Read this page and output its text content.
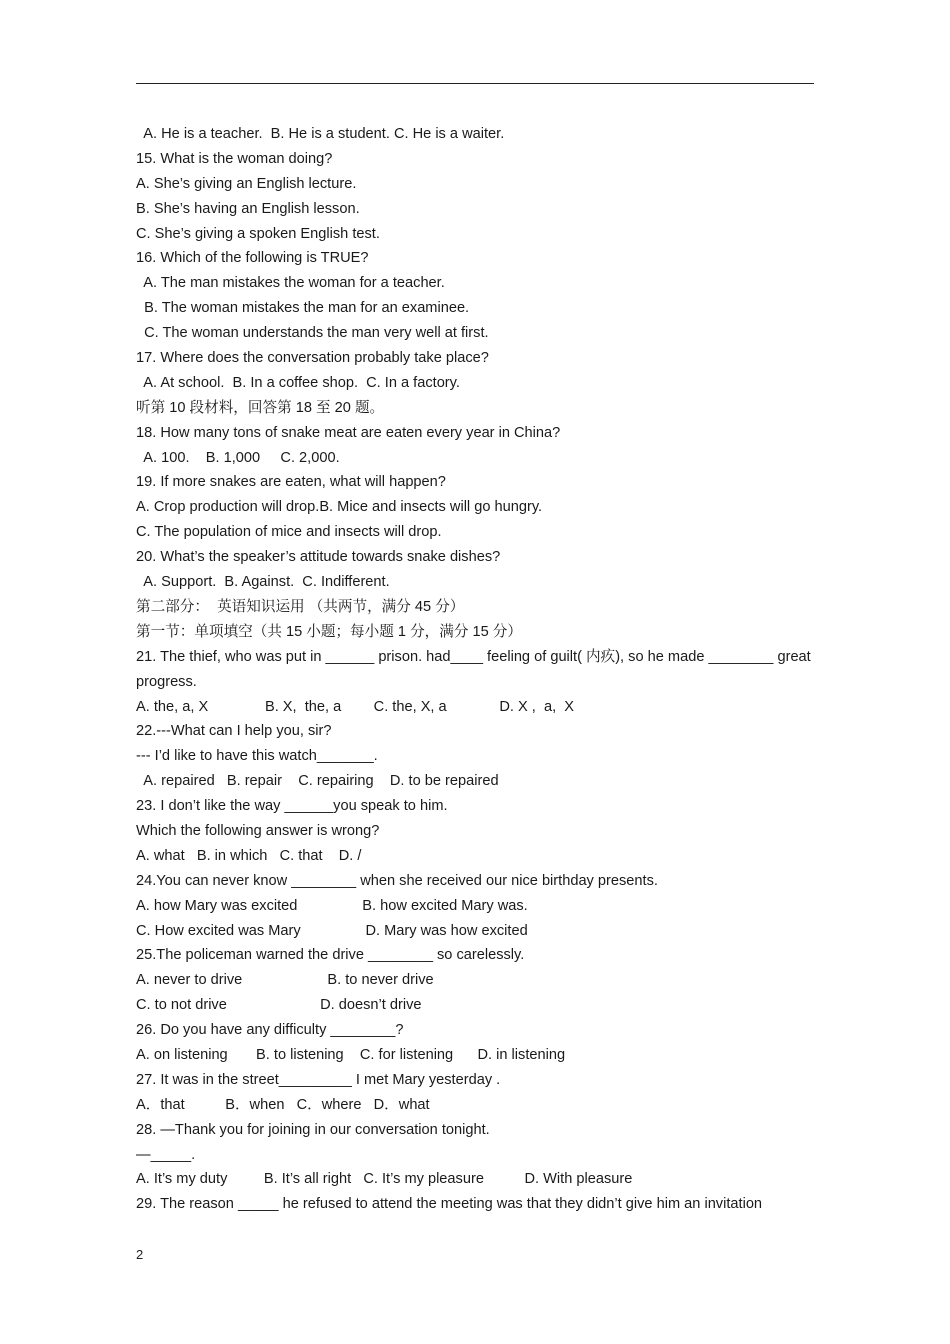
A. He is a teacher.  B. He is a student. C. He is a waiter.
15. What is the woman doing?
A. She’s giving an English lecture.
B. She’s having an English lesson.
C. She’s giving a spoken English test.
16. Which of the following is TRUE?
A. The man mistakes the woman for a teacher.
B. The woman mistakes the man for an examinee.
C. The woman understands the man very well at first.
17. Where does the conversation probably take place?
A. At school.  B. In a coffee shop.  C. In a factory.
听第 10 段材料，回答第 18 至 20 题。
18. How many tons of snake meat are eaten every year in China?
A. 100.    B. 1,000     C. 2,000.
19. If more snakes are eaten, what will happen?
A. Crop production will drop.B. Mice and insects will go hungry.
C. The population of mice and insects will drop.
20. What’s the speaker’s attitude towards snake dishes?
A. Support.  B. Against.  C. Indifferent.
第二部分：  英语知识运用 （共两节，满分 45 分）
第一节：单项填空（共 15 小题；每小题 1 分，满分 15 分）
21. The thief, who was put in ______ prison. had____ feeling of guilt( 内疚), so he made ________ great progress.
A. the, a, X              B. X,  the, a        C. the, X, a             D. X ,  a,  X
22.---What can I help you, sir?
--- I’d like to have this watch_______.
A. repaired   B. repair    C. repairing    D. to be repaired
23. I don’t like the way ______you speak to him.
Which the following answer is wrong?
A. what   B. in which   C. that    D. /
24.You can never know ________ when she received our nice birthday presents.
A. how Mary was excited                B. how excited Mary was.
C. How excited was Mary                D. Mary was how excited
25.The policeman warned the drive ________ so carelessly.
A. never to drive                     B. to never drive
C. to not drive                       D. doesn’t drive
26. Do you have any difficulty ________?
A. on listening       B. to listening    C. for listening      D. in listening
27. It was in the street_________ I met Mary yesterday .
A．that          B．when   C．where   D．what
28. —Thank you for joining in our conversation tonight.
—_____.
A. It’s my duty         B. It’s all right   C. It’s my pleasure          D. With pleasure
29. The reason _____ he refused to attend the meeting was that they didn’t give him an invitation
2
